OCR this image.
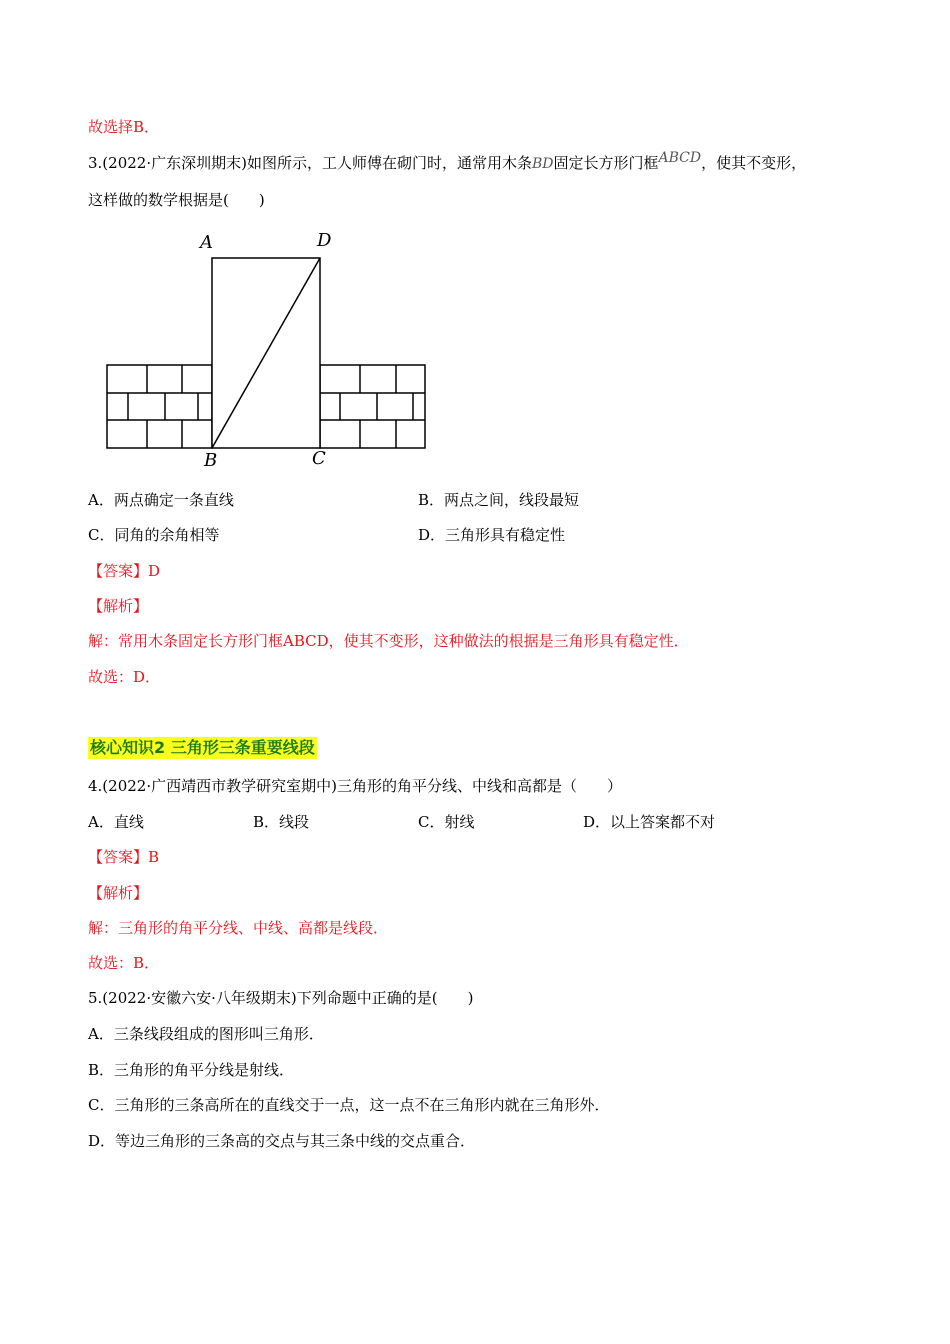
故选择B．
3.(2022·广东深圳期末)如图所示，工人师傅在砌门时，通常用木条BD固定长方形门框ABCD，使其不变形，
这样做的数学根据是(　　)
A	D
B	C
A．两点确定一条直线	B．两点之间，线段最短
C．同角的余角相等	D．三角形具有稳定性
【答案】D
【解析】
解：常用木条固定长方形门框ABCD，使其不变形，这种做法的根据是三角形具有稳定性．
故选：D．
核心知识2 三角形三条重要线段
4.(2022·广西靖西市教学研究室期中)三角形的角平分线、中线和高都是（　　）
A．直线	B．线段	C．射线	D．以上答案都不对
【答案】B
【解析】
解：三角形的角平分线、中线、高都是线段．
故选：B．
5.(2022·安徽六安·八年级期末)下列命题中正确的是(　　)
A．三条线段组成的图形叫三角形．
B．三角形的角平分线是射线．
C．三角形的三条高所在的直线交于一点，这一点不在三角形内就在三角形外．
D．等边三角形的三条高的交点与其三条中线的交点重合．
